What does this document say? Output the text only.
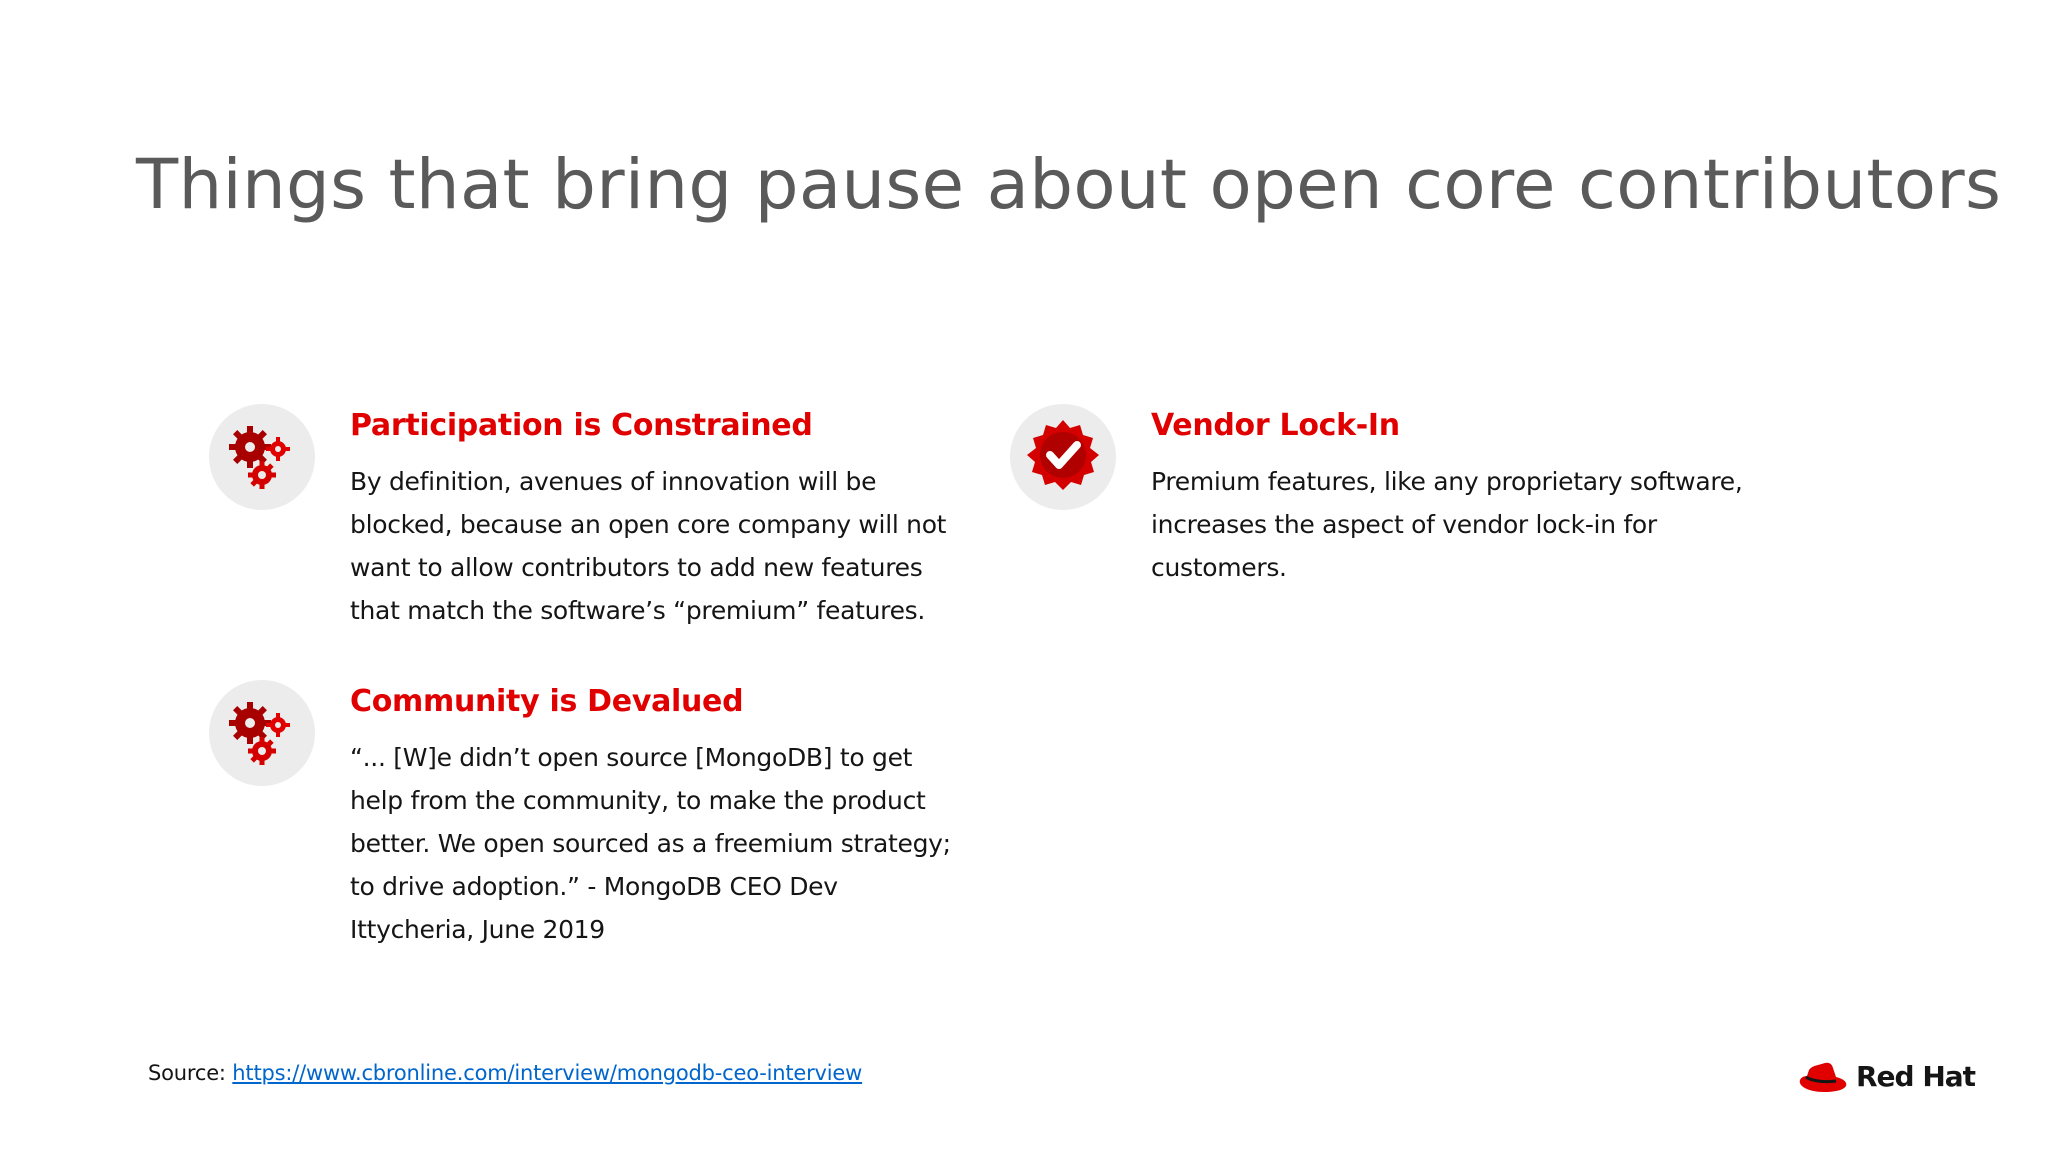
Things that bring pause about open core contributors
Participation is Constrained
By definition, avenues of innovation will be
blocked, because an open core company will not
want to allow contributors to add new features
that match the software’s “premium” features.
Vendor Lock-In
Premium features, like any proprietary software,
increases the aspect of vendor lock-in for
customers.
Community is Devalued
“... [W]e didn’t open source [MongoDB] to get
help from the community, to make the product
better. We open sourced as a freemium strategy;
to drive adoption.” - MongoDB CEO Dev
Ittycheria, June 2019
Source: https://www.cbronline.com/interview/mongodb-ceo-interview	Red Hat
